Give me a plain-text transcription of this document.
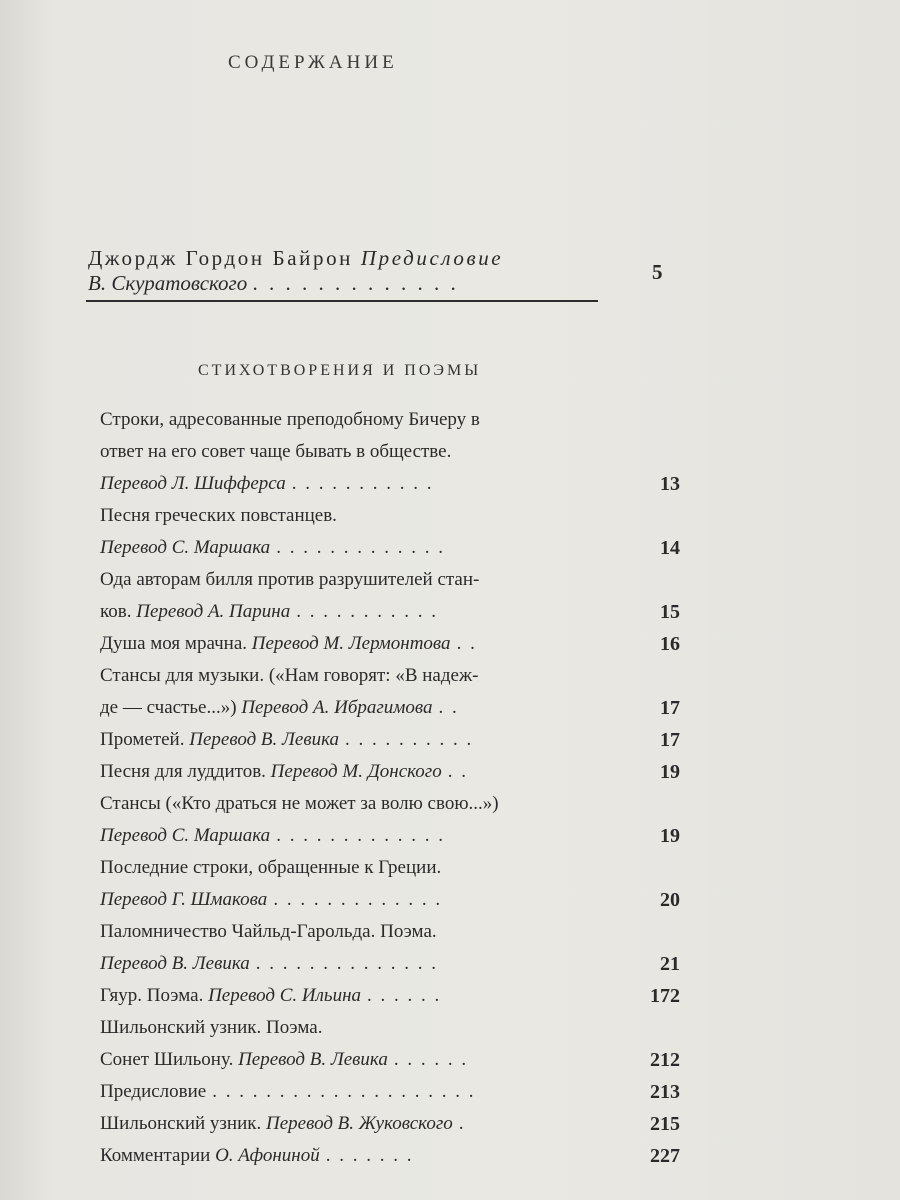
СОДЕРЖАНИЕ
Джордж Гордон Байрон Предисловие
В. Скуратовского . . . . . . . . . . . . .	5
СТИХОТВОРЕНИЯ И ПОЭМЫ
Строки, адресованные преподобному Бичеру в
ответ на его совет чаще бывать в обществе.
Перевод Л. Шифферса . . . . . . . . . . .	13
Песня греческих повстанцев.
Перевод С. Маршака . . . . . . . . . . . . .	14
Ода авторам билля против разрушителей стан-
ков. Перевод А. Парина . . . . . . . . . . .	15
Душа моя мрачна. Перевод М. Лермонтова . .	16
Стансы для музыки. («Нам говорят: «В надеж-
де — счастье...») Перевод А. Ибрагимова . .	17
Прометей. Перевод В. Левика . . . . . . . . . .	17
Песня для луддитов. Перевод М. Донского . .	19
Стансы («Кто драться не может за волю свою...»)
Перевод С. Маршака . . . . . . . . . . . . .	19
Последние строки, обращенные к Греции.
Перевод Г. Шмакова . . . . . . . . . . . . .	20
Паломничество Чайльд-Гарольда. Поэма.
Перевод В. Левика . . . . . . . . . . . . . .	21
Гяур. Поэма. Перевод С. Ильина . . . . . .	172
Шильонский узник. Поэма.
Сонет Шильону. Перевод В. Левика . . . . . .	212
Предисловие . . . . . . . . . . . . . . . . . . . .	213
Шильонский узник. Перевод В. Жуковского .	215
Комментарии О. Афониной . . . . . . .	227
